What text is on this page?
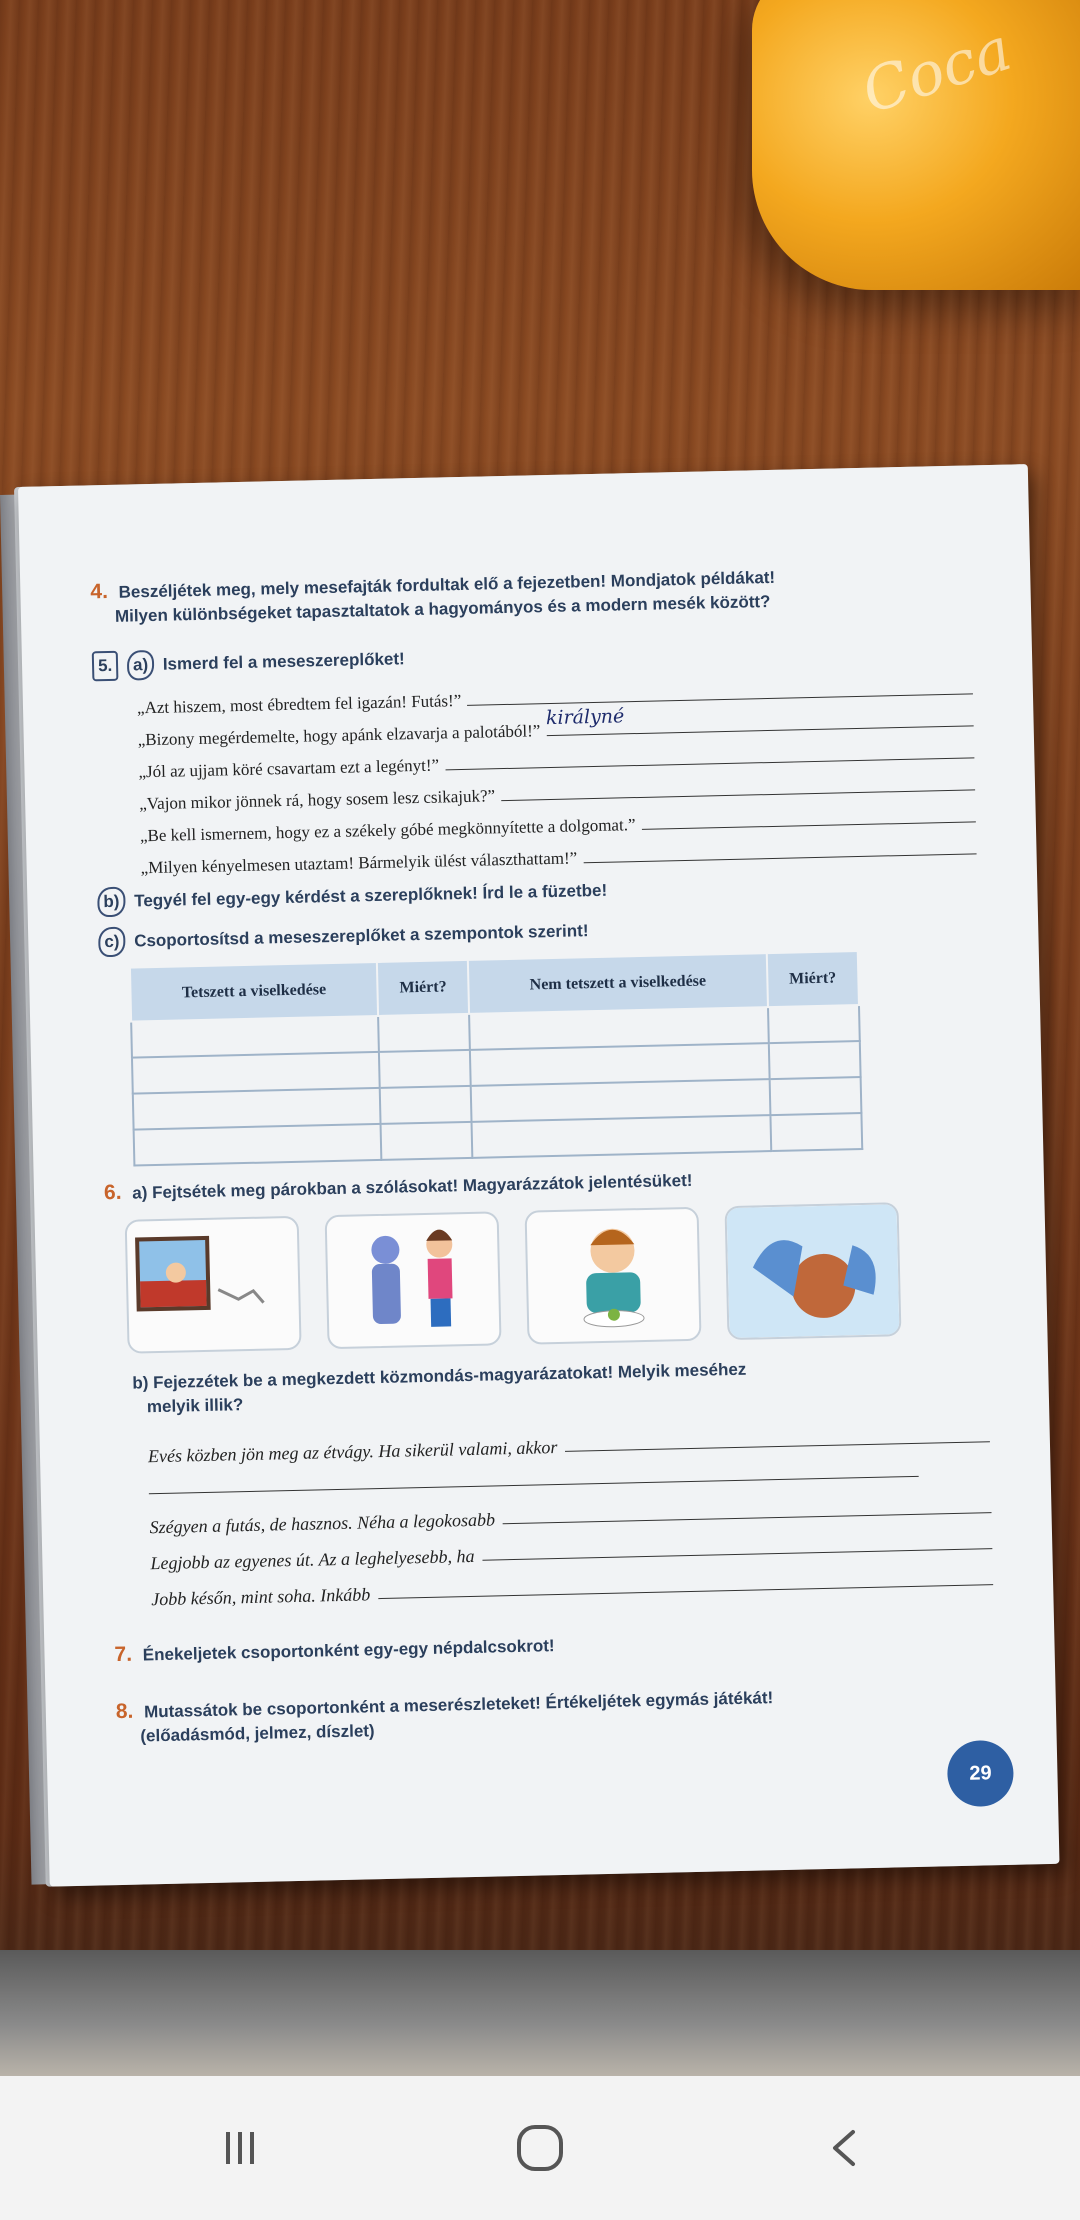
Coca
4. Beszéljétek meg, mely mesefajták fordultak elő a fejezetben! Mondjatok példákat!
Milyen különbségeket tapasztaltatok a hagyományos és a modern mesék között?
5. a) Ismerd fel a meseszereplőket!
„Azt hiszem, most ébredtem fel igazán! Futás!”
„Bizony megérdemelte, hogy apánk elzavarja a palotából!”
királyné
„Jól az ujjam köré csavartam ezt a legényt!”
„Vajon mikor jönnek rá, hogy sosem lesz csikajuk?”
„Be kell ismernem, hogy ez a székely góbé megkönnyítette a dolgomat.”
„Milyen kényelmesen utaztam! Bármelyik ülést választhattam!”
b) Tegyél fel egy-egy kérdést a szereplőknek! Írd le a füzetbe!
c) Csoportosítsd a meseszereplőket a szempontok szerint!
Tetszett a viselkedése	Miért?	Nem tetszett a viselkedése	Miért?

6. a) Fejtsétek meg párokban a szólásokat! Magyarázzátok jelentésüket!
b) Fejezzétek be a megkezdett közmondás-magyarázatokat! Melyik meséhez
melyik illik?
Evés közben jön meg az étvágy. Ha sikerül valami, akkor
Szégyen a futás, de hasznos. Néha a legokosabb
Legjobb az egyenes út. Az a leghelyesebb, ha
Jobb későn, mint soha. Inkább
7. Énekeljetek csoportonként egy-egy népdalcsokrot!
8. Mutassátok be csoportonként a meserészleteket! Értékeljétek egymás játékát!
(előadásmód, jelmez, díszlet)
29
